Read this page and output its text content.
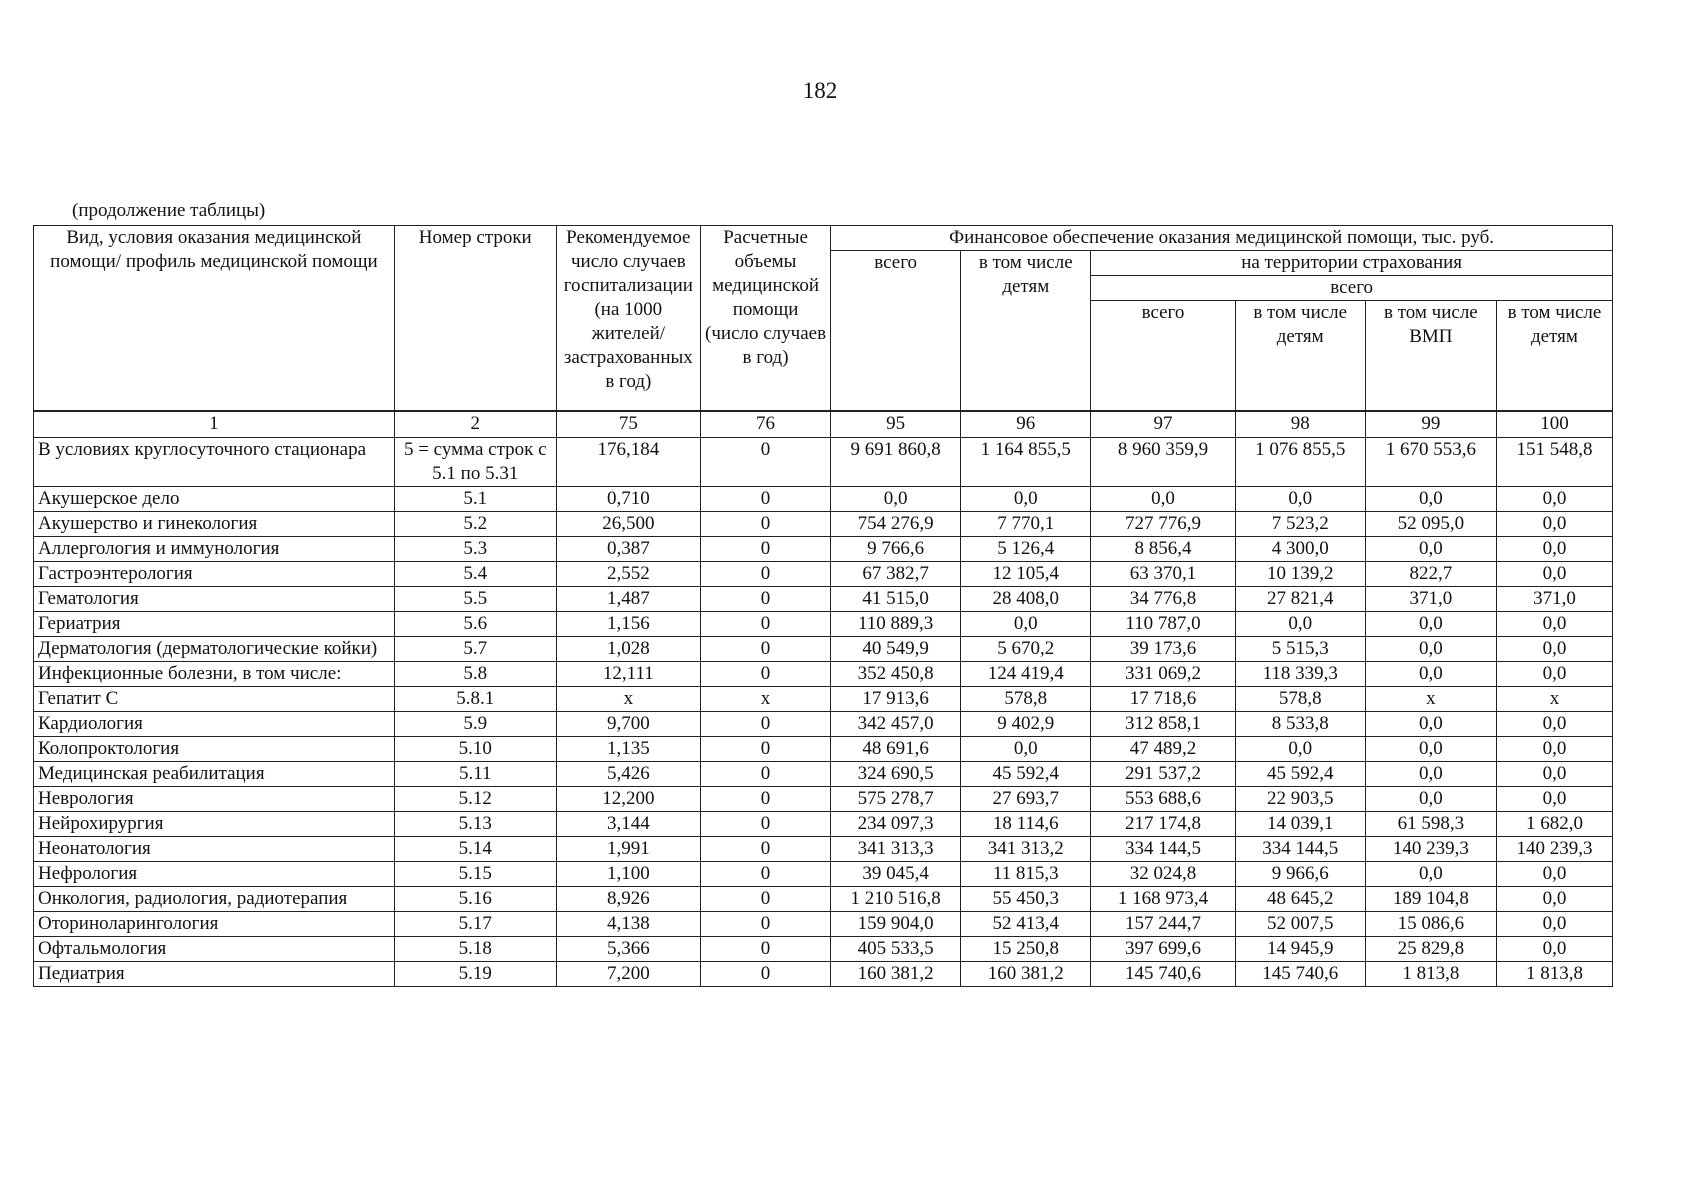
182
(продолжение таблицы)
Вид, условия оказания медицинской помощи/ профиль медицинской помощи	Номер строки	Рекомендуемое число случаев госпитализации (на 1000 жителей/ застрахованных в год)	Расчетные объемы медицинской помощи (число случаев в год)	Финансовое обеспечение оказания медицинской помощи, тыс. руб.					
				всего	в том числе детям	на территории страхования			
						всего			
						всего	в том числе детям	в том числе ВМП	в том числе детям
1	2	75	76	95	96	97	98	99	100
В условиях круглосуточного стационара	5 = сумма строк с 5.1 по 5.31	176,184	0	9 691 860,8	1 164 855,5	8 960 359,9	1 076 855,5	1 670 553,6	151 548,8
Акушерское дело	5.1	0,710	0	0,0	0,0	0,0	0,0	0,0	0,0
Акушерство и гинекология	5.2	26,500	0	754 276,9	7 770,1	727 776,9	7 523,2	52 095,0	0,0
Аллергология и иммунология	5.3	0,387	0	9 766,6	5 126,4	8 856,4	4 300,0	0,0	0,0
Гастроэнтерология	5.4	2,552	0	67 382,7	12 105,4	63 370,1	10 139,2	822,7	0,0
Гематология	5.5	1,487	0	41 515,0	28 408,0	34 776,8	27 821,4	371,0	371,0
Гериатрия	5.6	1,156	0	110 889,3	0,0	110 787,0	0,0	0,0	0,0
Дерматология (дерматологические койки)	5.7	1,028	0	40 549,9	5 670,2	39 173,6	5 515,3	0,0	0,0
Инфекционные болезни, в том числе:	5.8	12,111	0	352 450,8	124 419,4	331 069,2	118 339,3	0,0	0,0
Гепатит С	5.8.1	х	х	17 913,6	578,8	17 718,6	578,8	х	х
Кардиология	5.9	9,700	0	342 457,0	9 402,9	312 858,1	8 533,8	0,0	0,0
Колопроктология	5.10	1,135	0	48 691,6	0,0	47 489,2	0,0	0,0	0,0
Медицинская реабилитация	5.11	5,426	0	324 690,5	45 592,4	291 537,2	45 592,4	0,0	0,0
Неврология	5.12	12,200	0	575 278,7	27 693,7	553 688,6	22 903,5	0,0	0,0
Нейрохирургия	5.13	3,144	0	234 097,3	18 114,6	217 174,8	14 039,1	61 598,3	1 682,0
Неонатология	5.14	1,991	0	341 313,3	341 313,2	334 144,5	334 144,5	140 239,3	140 239,3
Нефрология	5.15	1,100	0	39 045,4	11 815,3	32 024,8	9 966,6	0,0	0,0
Онкология, радиология, радиотерапия	5.16	8,926	0	1 210 516,8	55 450,3	1 168 973,4	48 645,2	189 104,8	0,0
Оториноларингология	5.17	4,138	0	159 904,0	52 413,4	157 244,7	52 007,5	15 086,6	0,0
Офтальмология	5.18	5,366	0	405 533,5	15 250,8	397 699,6	14 945,9	25 829,8	0,0
Педиатрия	5.19	7,200	0	160 381,2	160 381,2	145 740,6	145 740,6	1 813,8	1 813,8
